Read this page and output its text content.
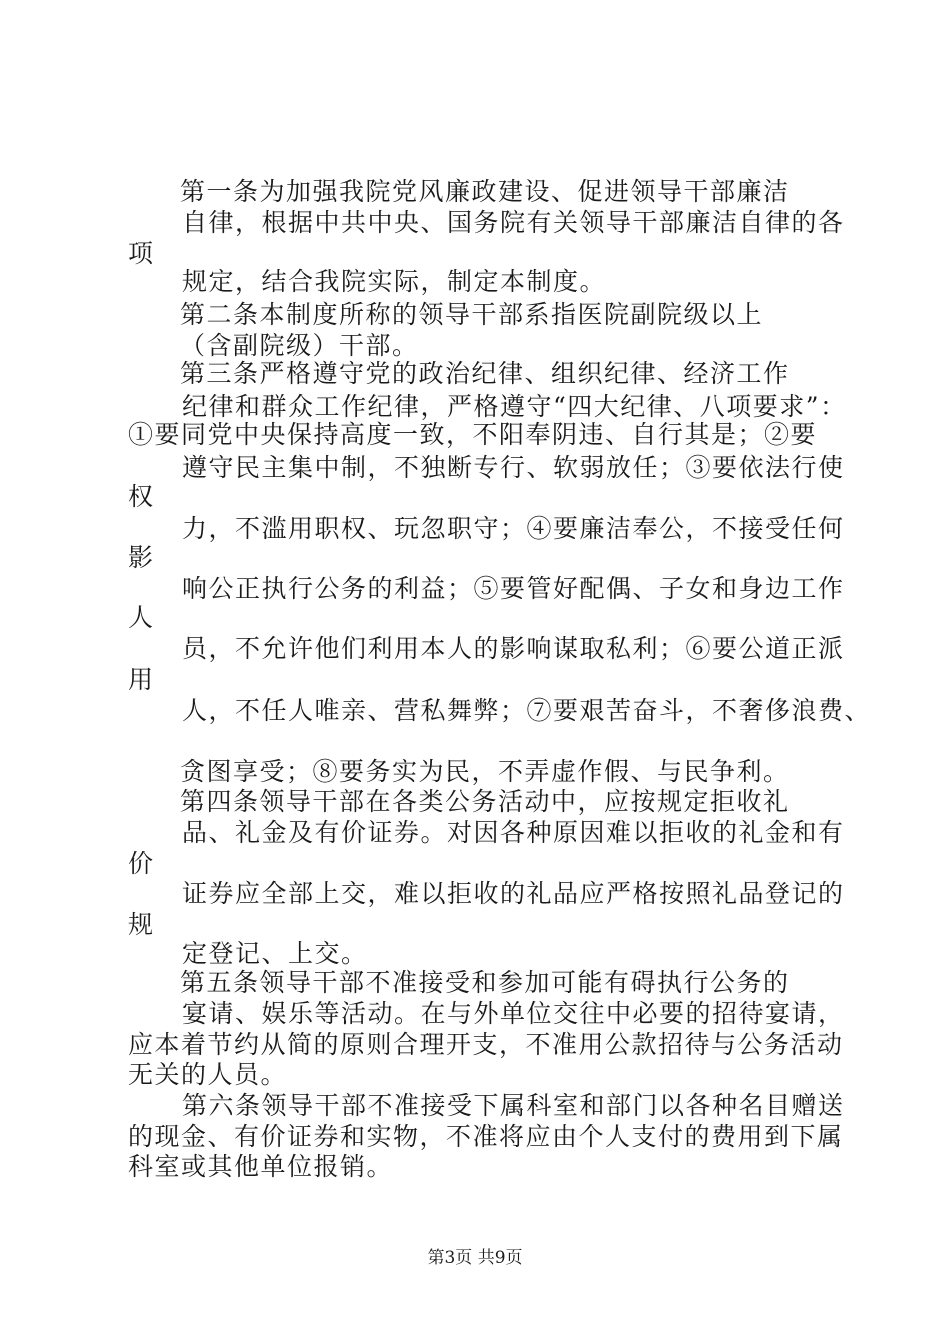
第一条为加强我院党风廉政建设、促进领导干部廉洁
自律，根据中共中央、国务院有关领导干部廉洁自律的各
项
规定，结合我院实际，制定本制度。
第二条本制度所称的领导干部系指医院副院级以上
（含副院级）干部。
第三条严格遵守党的政治纪律、组织纪律、经济工作
纪律和群众工作纪律，严格遵守“四大纪律、八项要求”：
①要同党中央保持高度一致，不阳奉阴违、自行其是；②要
遵守民主集中制，不独断专行、软弱放任；③要依法行使
权
力，不滥用职权、玩忽职守；④要廉洁奉公，不接受任何
影
响公正执行公务的利益；⑤要管好配偶、子女和身边工作
人
员，不允许他们利用本人的影响谋取私利；⑥要公道正派
用
人，不任人唯亲、营私舞弊；⑦要艰苦奋斗，不奢侈浪费、
贪图享受；⑧要务实为民，不弄虚作假、与民争利。
第四条领导干部在各类公务活动中，应按规定拒收礼
品、礼金及有价证券。对因各种原因难以拒收的礼金和有
价
证券应全部上交，难以拒收的礼品应严格按照礼品登记的
规
定登记、上交。
第五条领导干部不准接受和参加可能有碍执行公务的
宴请、娱乐等活动。在与外单位交往中必要的招待宴请，
应本着节约从简的原则合理开支，不准用公款招待与公务活动
无关的人员。
第六条领导干部不准接受下属科室和部门以各种名目赠送
的现金、有价证券和实物，不准将应由个人支付的费用到下属
科室或其他单位报销。
第3页 共9页
